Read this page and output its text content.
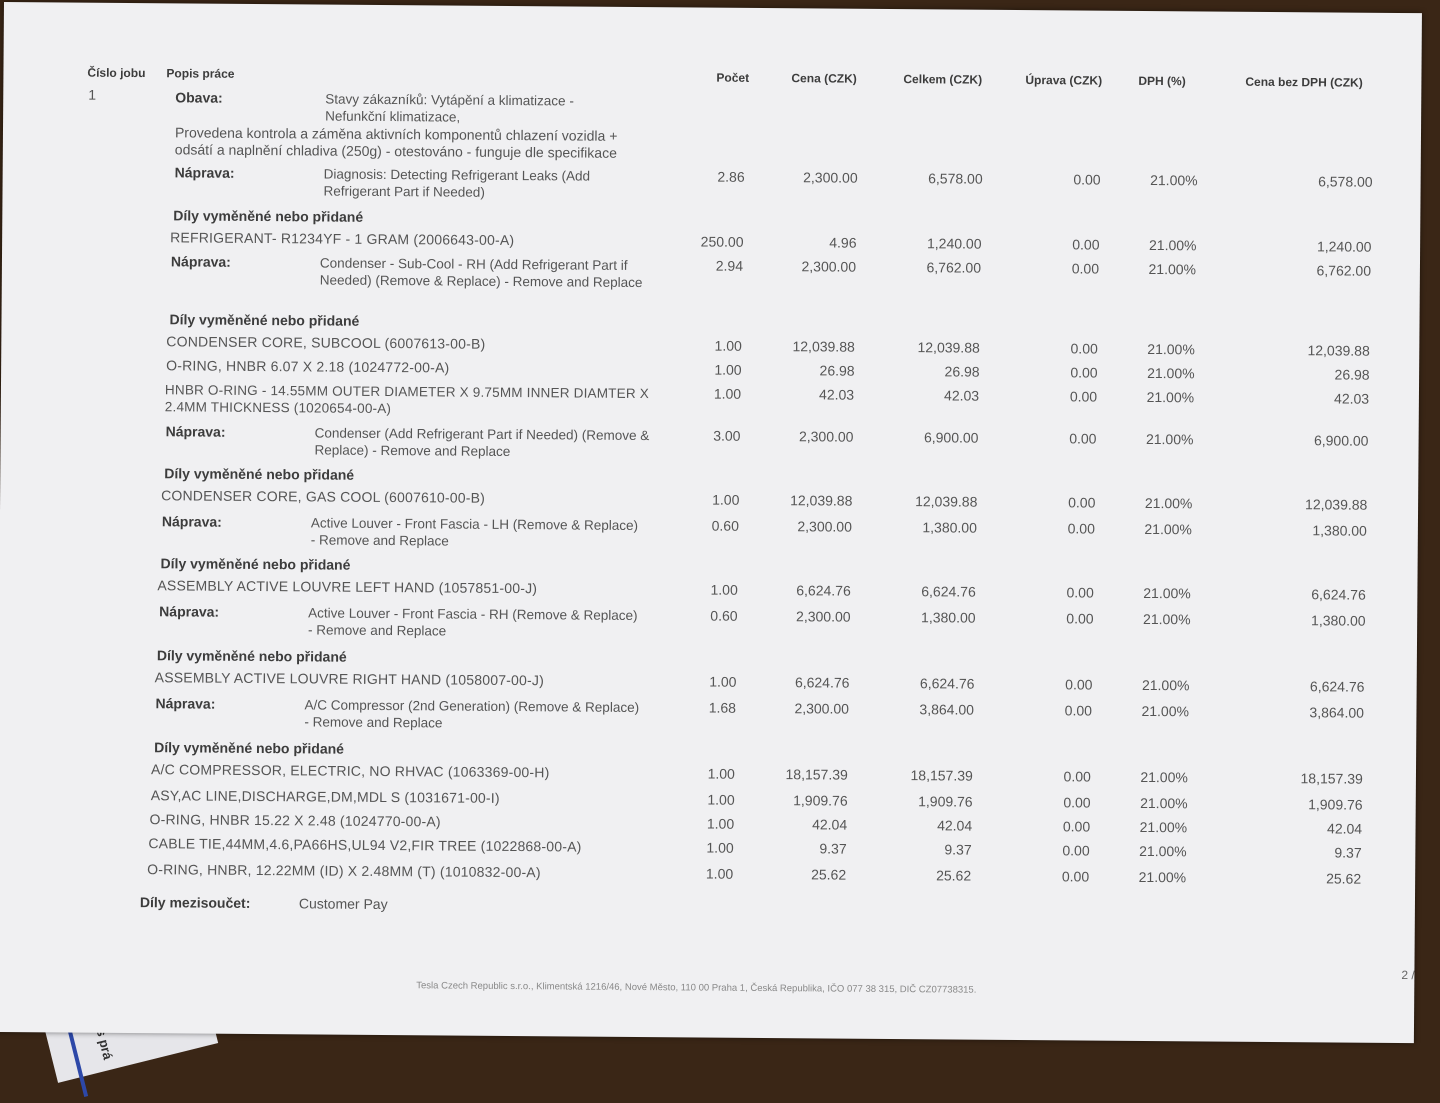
Číslo jobu Popis práce	Počet	Cena (CZK)	Celkem (CZK)	Úprava (CZK)	DPH (%)	Cena bez DPH (CZK)
1	Obava:	Stavy zákazníků: Vytápění a klimatizace - Nefunkční klimatizace,
Provedena kontrola a záměna aktivních komponentů chlazení vozidla +
odsátí a naplnění chladiva (250g) - otestováno - funguje dle specifikace
Náprava:	Diagnosis: Detecting Refrigerant Leaks (Add Refrigerant Part if Needed)
2.86	2,300.00	6,578.00	0.00	21.00%	6,578.00
Díly vyměněné nebo přidané
REFRIGERANT- R1234YF - 1 GRAM (2006643-00-A)	250.00	4.96	1,240.00	0.00	21.00%	1,240.00
Náprava:	Condenser - Sub-Cool - RH (Add Refrigerant Part if Needed) (Remove & Replace) - Remove and Replace
2.94	2,300.00	6,762.00	0.00	21.00%	6,762.00
Díly vyměněné nebo přidané
CONDENSER CORE, SUBCOOL (6007613-00-B)	1.00	12,039.88	12,039.88	0.00	21.00%	12,039.88
O-RING, HNBR 6.07 X 2.18 (1024772-00-A)	1.00	26.98	26.98	0.00	21.00%	26.98
HNBR O-RING - 14.55MM OUTER DIAMETER X 9.75MM INNER DIAMTER X 2.4MM THICKNESS (1020654-00-A)
1.00	42.03	42.03	0.00	21.00%	42.03
Náprava:	Condenser (Add Refrigerant Part if Needed) (Remove & Replace) - Remove and Replace
3.00	2,300.00	6,900.00	0.00	21.00%	6,900.00
Díly vyměněné nebo přidané
CONDENSER CORE, GAS COOL (6007610-00-B)	1.00	12,039.88	12,039.88	0.00	21.00%	12,039.88
Náprava:	Active Louver - Front Fascia - LH (Remove & Replace) - Remove and Replace
0.60	2,300.00	1,380.00	0.00	21.00%	1,380.00
Díly vyměněné nebo přidané
ASSEMBLY ACTIVE LOUVRE LEFT HAND (1057851-00-J)	1.00	6,624.76	6,624.76	0.00	21.00%	6,624.76
Náprava:	Active Louver - Front Fascia - RH (Remove & Replace) - Remove and Replace
0.60	2,300.00	1,380.00	0.00	21.00%	1,380.00
Díly vyměněné nebo přidané
ASSEMBLY ACTIVE LOUVRE RIGHT HAND (1058007-00-J)	1.00	6,624.76	6,624.76	0.00	21.00%	6,624.76
Náprava:	A/C Compressor (2nd Generation) (Remove & Replace) - Remove and Replace
1.68	2,300.00	3,864.00	0.00	21.00%	3,864.00
Díly vyměněné nebo přidané
A/C COMPRESSOR, ELECTRIC, NO RHVAC (1063369-00-H)	1.00	18,157.39	18,157.39	0.00	21.00%	18,157.39
ASY,AC LINE,DISCHARGE,DM,MDL S (1031671-00-I)	1.00	1,909.76	1,909.76	0.00	21.00%	1,909.76
O-RING, HNBR 15.22 X 2.48 (1024770-00-A)	1.00	42.04	42.04	0.00	21.00%	42.04
CABLE TIE,44MM,4.6,PA66HS,UL94 V2,FIR TREE (1022868-00-A)	1.00	9.37	9.37	0.00	21.00%	9.37
O-RING, HNBR, 12.22MM (ID) X 2.48MM (T) (1010832-00-A)	1.00	25.62	25.62	0.00	21.00%	25.62
Díly mezisoučet:	Customer Pay
Tesla Czech Republic s.r.o., Klimentská 1216/46, Nové Město, 110 00 Praha 1, Česká Republika, IČO 077 38 315, DIČ CZ07738315.
2 /
